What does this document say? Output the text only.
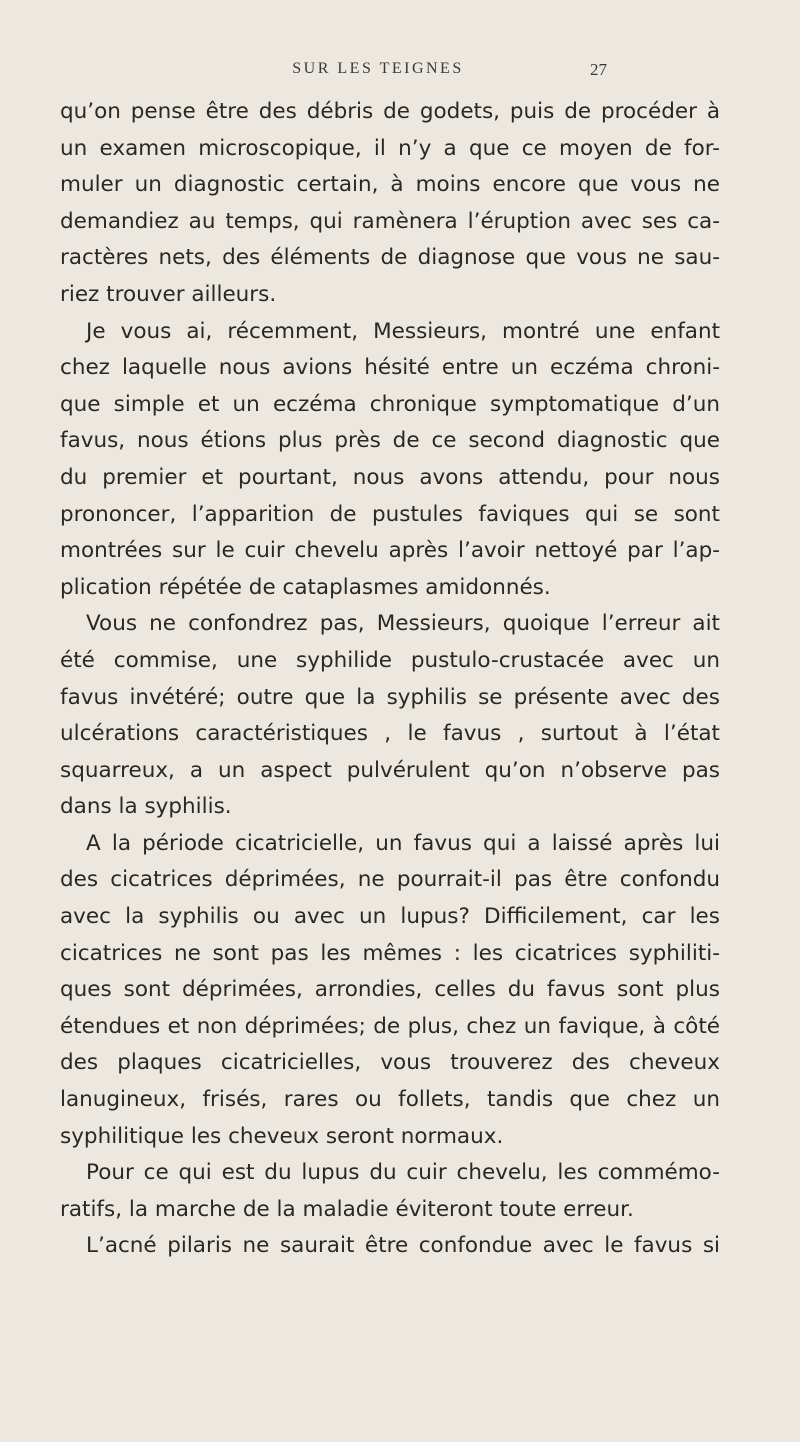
SUR LES TEIGNES	27
qu’on pense être des débris de godets, puis de procéder à
un examen microscopique, il n’y a que ce moyen de for-
muler un diagnostic certain, à moins encore que vous ne
demandiez au temps, qui ramènera l’éruption avec ses ca-
ractères nets, des éléments de diagnose que vous ne sau-
riez trouver ailleurs.
Je vous ai, récemment, Messieurs, montré une enfant
chez laquelle nous avions hésité entre un eczéma chroni-
que simple et un eczéma chronique symptomatique d’un
favus, nous étions plus près de ce second diagnostic que
du premier et pourtant, nous avons attendu, pour nous
prononcer, l’apparition de pustules faviques qui se sont
montrées sur le cuir chevelu après l’avoir nettoyé par l’ap-
plication répétée de cataplasmes amidonnés.
Vous ne confondrez pas, Messieurs, quoique l’erreur ait
été commise, une syphilide pustulo-crustacée avec un
favus invétéré; outre que la syphilis se présente avec des
ulcérations caractéristiques , le favus , surtout à l’état
squarreux, a un aspect pulvérulent qu’on n’observe pas
dans la syphilis.
A la période cicatricielle, un favus qui a laissé après lui
des cicatrices déprimées, ne pourrait-il pas être confondu
avec la syphilis ou avec un lupus? Difficilement, car les
cicatrices ne sont pas les mêmes : les cicatrices syphiliti-
ques sont déprimées, arrondies, celles du favus sont plus
étendues et non déprimées; de plus, chez un favique, à côté
des plaques cicatricielles, vous trouverez des cheveux
lanugineux, frisés, rares ou follets, tandis que chez un
syphilitique les cheveux seront normaux.
Pour ce qui est du lupus du cuir chevelu, les commémo-
ratifs, la marche de la maladie éviteront toute erreur.
L’acné pilaris ne saurait être confondue avec le favus si
